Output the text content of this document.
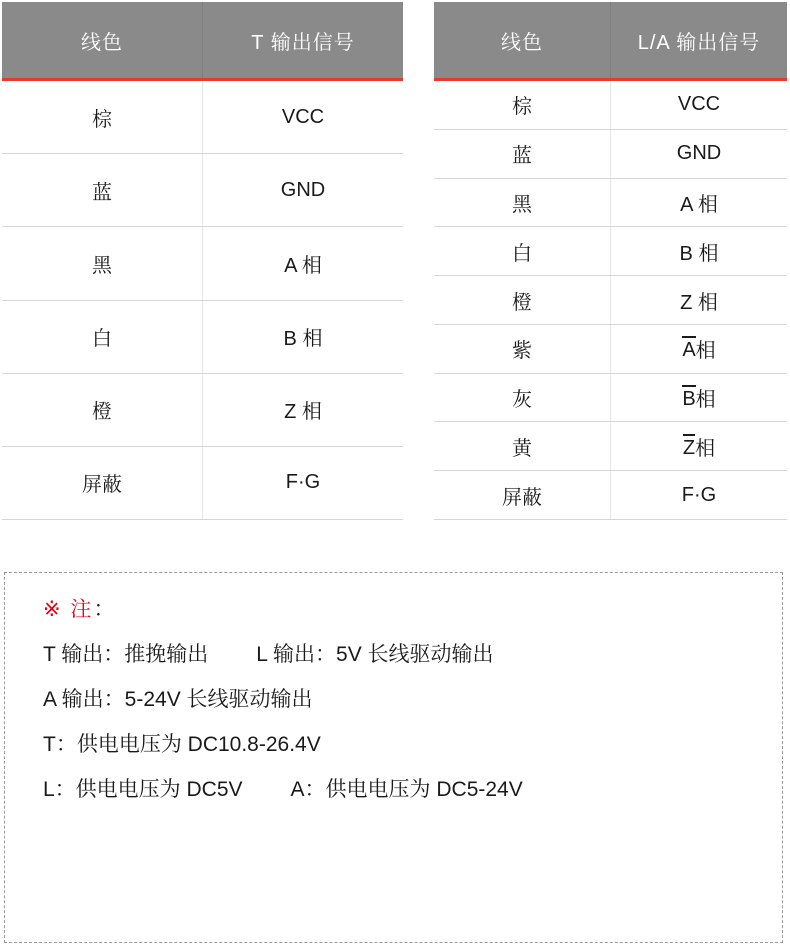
线色	T 输出信号
棕	VCC
蓝	GND
黑	A 相
白	B 相
橙	Z 相
屏蔽	F·G
线色	L/A 输出信号
棕	VCC
蓝	GND
黑	A 相
白	B 相
橙	Z 相
紫	A 相
灰	B 相
黄	Z 相
屏蔽	F·G
※ 注：
T 输出：推挽输出 L 输出：5V 长线驱动输出
A 输出：5-24V 长线驱动输出
T：供电电压为 DC10.8-26.4V
L：供电电压为 DC5V A：供电电压为 DC5-24V
